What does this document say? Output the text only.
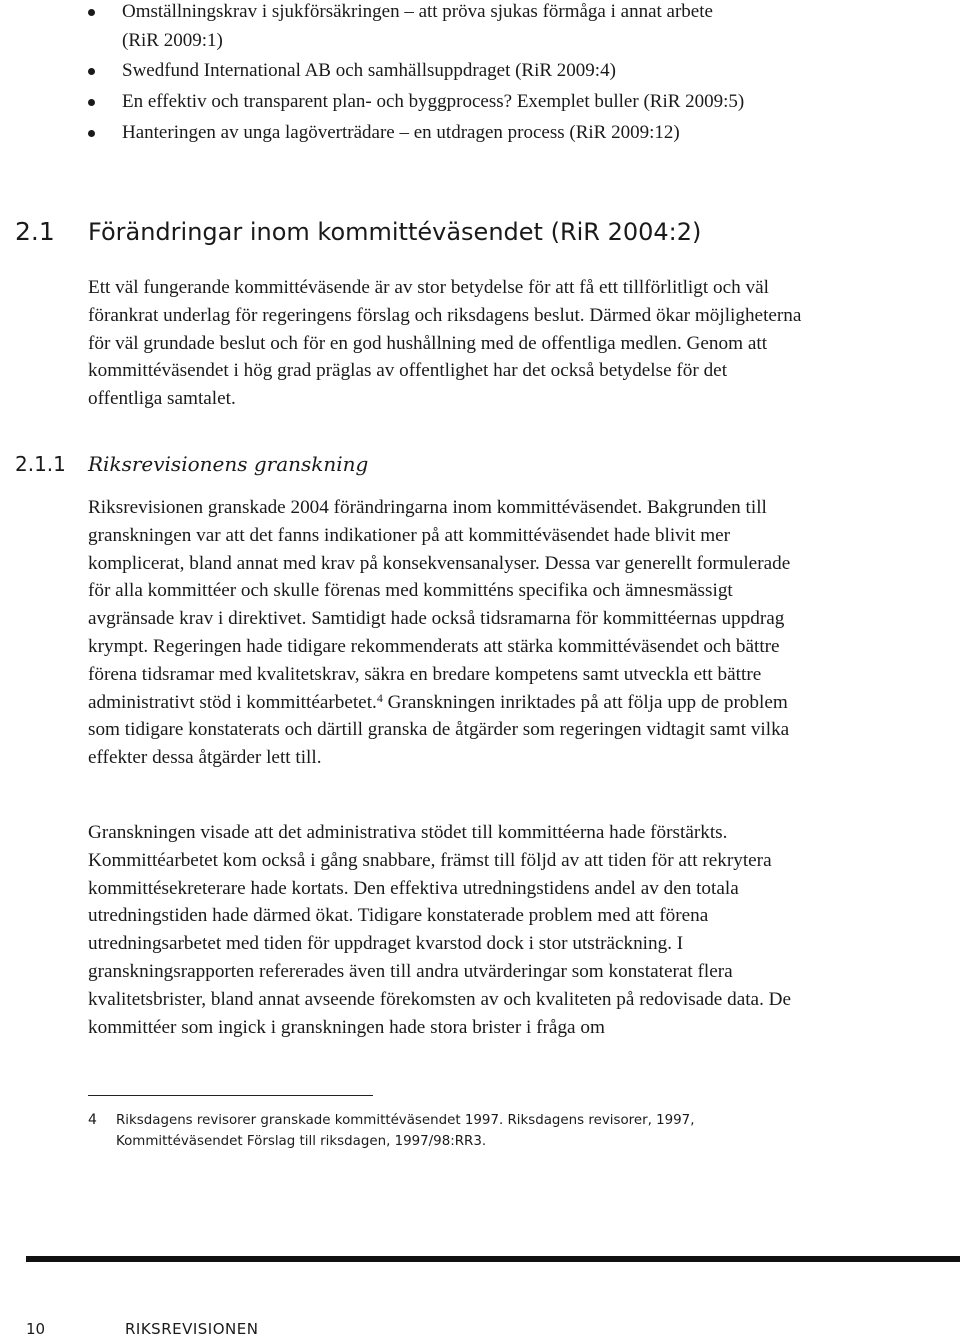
Omställningskrav i sjukförsäkringen – att pröva sjukas förmåga i annat arbete
(RiR 2009:1)
Swedfund International AB och samhällsuppdraget (RiR 2009:4)
En effektiv och transparent plan- och byggprocess? Exemplet buller (RiR 2009:5)
Hanteringen av unga lagöverträdare – en utdragen process (RiR 2009:12)
2.1 Förändringar inom kommittéväsendet (RiR 2004:2)

Ett väl fungerande kommittéväsende är av stor betydelse för att få ett tillförlitligt och väl förankrat underlag för regeringens förslag och riksdagens beslut. Därmed ökar möjligheterna för väl grundade beslut och för en god hushållning med de offentliga medlen. Genom att kommittéväsendet i hög grad präglas av offentlighet har det också betydelse för det offentliga samtalet.

2.1.1 Riksrevisionens granskning

Riksrevisionen granskade 2004 förändringarna inom kommittéväsendet. Bakgrunden till granskningen var att det fanns indikationer på att kommittéväsendet hade blivit mer komplicerat, bland annat med krav på konsekvensanalyser. Dessa var generellt formulerade för alla kommittéer och skulle förenas med kommitténs specifika och ämnesmässigt avgränsade krav i direktivet. Samtidigt hade också tidsramarna för kommittéernas uppdrag krympt. Regeringen hade tidigare rekommenderats att stärka kommittéväsendet och bättre förena tidsramar med kvalitetskrav, säkra en bredare kompetens samt utveckla ett bättre administrativt stöd i kommittéarbetet.$^4$ Granskningen inriktades på att följa upp de problem som tidigare konstaterats och därtill granska de åtgärder som regeringen vidtagit samt vilka effekter dessa åtgärder lett till.

Granskningen visade att det administrativa stödet till kommittéerna hade förstärkts. Kommittéarbetet kom också i gång snabbare, främst till följd av att tiden för att rekrytera kommittésekreterare hade kortats. Den effektiva utredningstidens andel av den totala utredningstiden hade därmed ökat. Tidigare konstaterade problem med att förena utredningsarbetet med tiden för uppdraget kvarstod dock i stor utsträckning. I granskningsrapporten refererades även till andra utvärderingar som konstaterat flera kvalitetsbrister, bland annat avseende förekomsten av och kvaliteten på redovisade data. De kommittéer som ingick i granskningen hade stora brister i fråga om

4 Riksdagens revisorer granskade kommittéväsendet 1997. Riksdagens revisorer, 1997, Kommittéväsendet Förslag till riksdagen, 1997/98:RR3.
10	RIKSREVISIONEN
